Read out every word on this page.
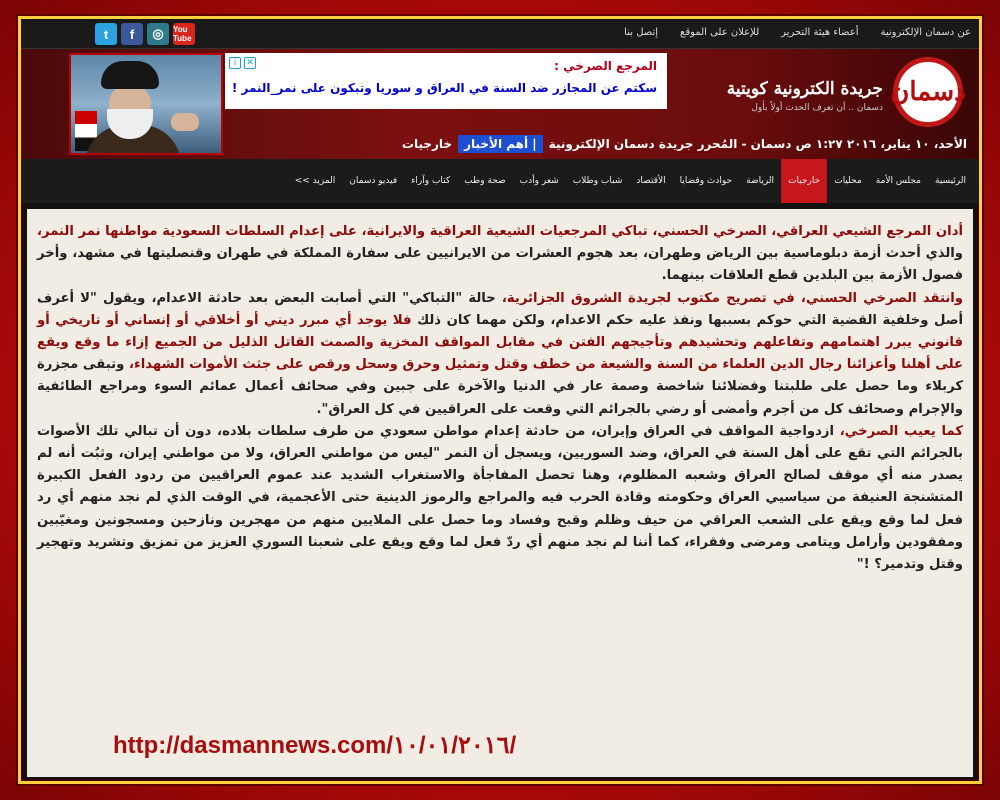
عن دسمان الإلكترونية
أعضاء هيئة التحرير
للإعلان على الموقع
إتصل بنا
t	f	◎	You Tube
دسمان
جريدة الكترونية كويتية
دسمان .. أن تعرف الحدث أولاً بأول
i	✕	المرجع الصرخي :
سكتم عن المجازر ضد السنة في العراق و سوريا وتبكون على نمر_النمر !
الأحد، ١٠ يناير، ٢٠١٦ ١:٢٧ ص دسمان - المُحرر جريدة دسمان الإلكترونية
| أهم الأخبار
خارجيات
الرئيسية
مجلس الأمة
محليات
خارجيات
الرياضة
حوادث وقضايا
الأقتصاد
شباب وطلاب
شعر وأدب
صحة وطب
كتاب وآراء
فيديو دسمان
المزيد >>

أدان المرجع الشيعي العراقي، الصرخي الحسني، تباكي المرجعيات الشيعية العراقية والايرانية، على إعدام السلطات السعودية مواطنها نمر النمر، والذي أحدث أزمة دبلوماسية بين الرياض وطهران، بعد هجوم العشرات من الايرانيين على سفارة المملكة في طهران وقنصليتها في مشهد، وأخر فصول الأزمة بين البلدين قطع العلاقات بينهما.

وانتقد الصرخي الحسني، في تصريح مكتوب لجريدة الشروق الجزائرية، حالة "التباكي" التي أصابت البعض بعد حادثة الاعدام، ويقول "لا أعرف أصل وخلفية القضية التي حوكم بسببها ونفذ عليه حكم الاعدام، ولكن مهما كان ذلك فلا يوجد أي مبرر ديني أو أخلاقي أو إنساني أو تاريخي أو قانوني يبرر اهتمامهم وتفاعلهم وتحشيدهم وتأجيجهم الفتن في مقابل المواقف المخزية والصمت القاتل الذليل من الجميع إزاء ما وقع ويقع على أهلنا وأعزائنا رجال الدين العلماء من السنة والشيعة من خطف وقتل وتمثيل وحرق وسحل ورقص على جثث الأموات الشهداء، وتبقى مجزرة كربلاء وما حصل على طلبتنا وفضلائنا شاخصة وصمة عار في الدنيا والآخرة على جبين وفي صحائف أعمال عمائم السوء ومراجع الطائفية والإجرام وصحائف كل من أجرم وأمضى أو رضي بالجرائم التي وقعت على العراقيين في كل العراق".

كما يعيب الصرخي، ازدواجية المواقف في العراق وإيران، من حادثة إعدام مواطن سعودي من طرف سلطات بلاده، دون أن تبالي تلك الأصوات بالجرائم التي تقع على أهل السنة في العراق، وضد السوريين، ويسجل أن النمر "ليس من مواطني العراق، ولا من مواطني إيران، وثبُت أنه لم يصدر منه أي موقف لصالح العراق وشعبه المظلوم، وهنا تحصل المفاجأة والاستغراب الشديد عند عموم العراقيين من ردود الفعل الكبيرة المتشنجة العنيفة من سياسيي العراق وحكومته وقادة الحرب فيه والمراجع والرموز الدينية حتى الأعجمية، في الوقت الذي لم نجد منهم أي رد فعل لما وقع ويقع على الشعب العراقي من حيف وظلم وقبح وفساد وما حصل على الملايين منهم من مهجرين ونازحين ومسجونين ومغيّبين ومفقودين وأرامل ويتامى ومرضى وفقراء، كما أننا لم نجد منهم أي ردّ فعل لما وقع ويقع على شعبنا السوري العزيز من تمزيق وتشريد وتهجير وقتل وتدمير؟ !"

http://dasmannews.com/١٠/٠١/٢٠١٦/
